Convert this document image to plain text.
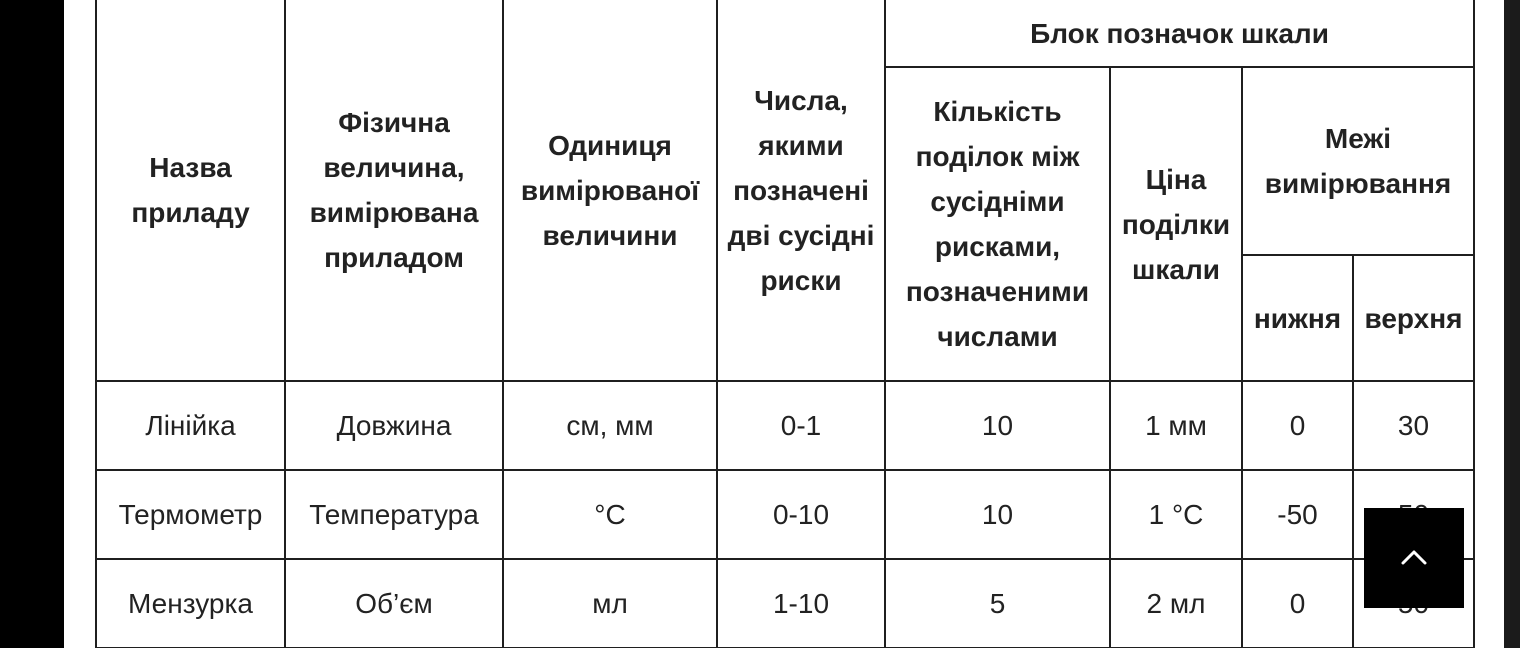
Назва приладу	Фізична величина, вимірювана приладом	Одиниця вимірюваної величини	Числа, якими позначені дві сусідні риски	Блок позначок шкали			
				Кількість поділок між сусідніми рисками, позначеними числами	Ціна поділки шкали	Межі вимірювання	
						нижня	верхня
Лінійка	Довжина	см, мм	0-1	10	1 мм	0	30
Термометр	Температура	°C	0-10	10	1 °C	-50	
Мензурка	Об’єм	мл	1-10	5	2 мл	0	
